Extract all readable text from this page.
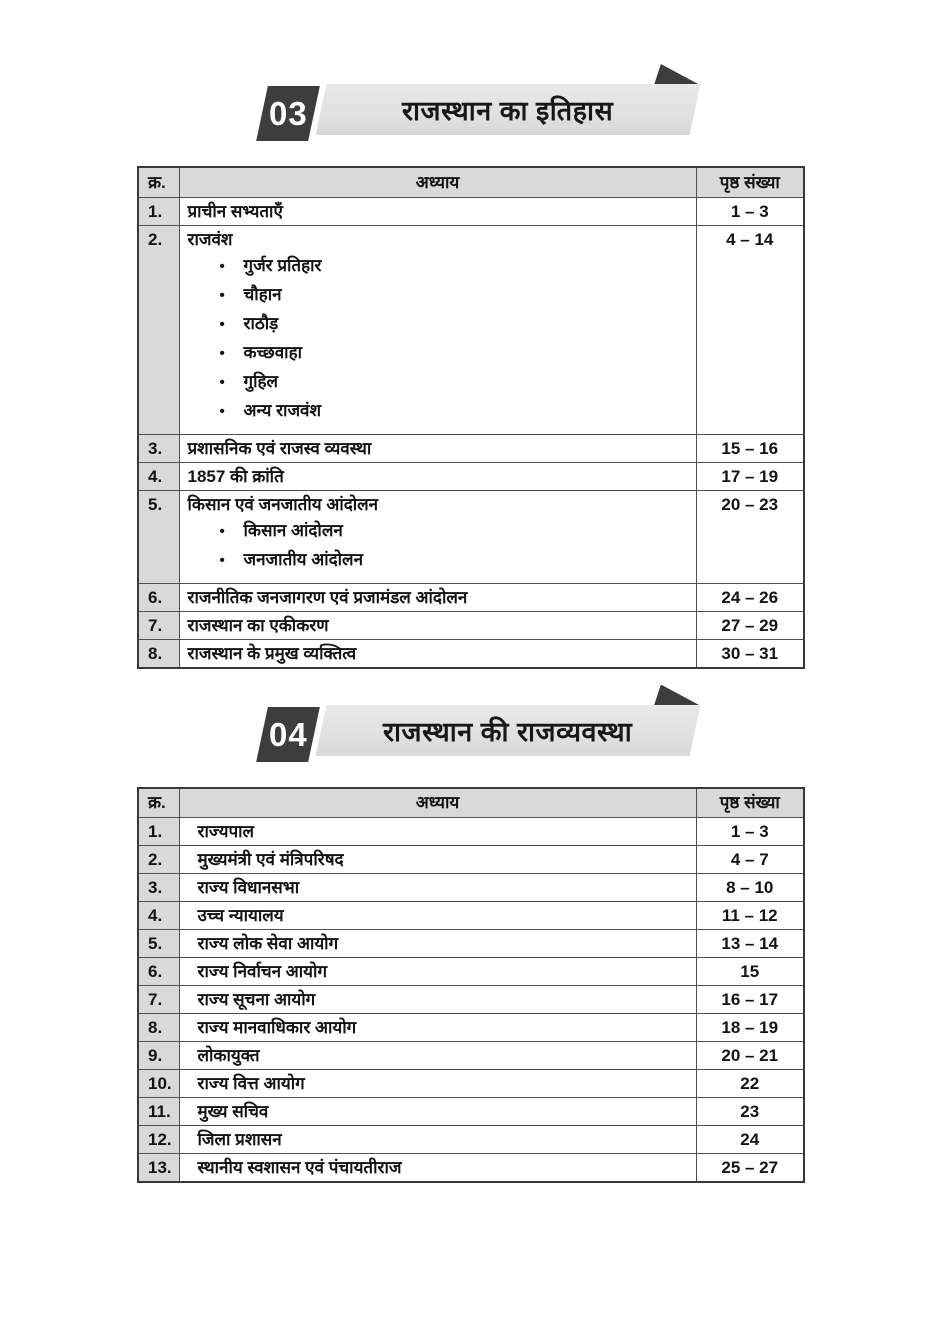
03	राजस्थान का इतिहास
क्र.	अध्याय	पृष्ठ संख्या
1.	प्राचीन सभ्यताएँ	1 – 3
2.	राजवंश
• गुर्जर प्रतिहार
• चौहान
• राठौड़
• कच्छवाहा
• गुहिल
• अन्य राजवंश
	4 – 14
3.	प्रशासनिक एवं राजस्व व्यवस्था	15 – 16
4.	1857 की क्रांति	17 – 19
5.	किसान एवं जनजातीय आंदोलन
• किसान आंदोलन
• जनजातीय आंदोलन
	20 – 23
6.	राजनीतिक जनजागरण एवं प्रजामंडल आंदोलन	24 – 26
7.	राजस्थान का एकीकरण	27 – 29
8.	राजस्थान के प्रमुख व्यक्तित्व	30 – 31
04	राजस्थान की राजव्यवस्था
क्र.	अध्याय	पृष्ठ संख्या
1.	राज्यपाल	1 – 3
2.	मुख्यमंत्री एवं मंत्रिपरिषद	4 – 7
3.	राज्य विधानसभा	8 – 10
4.	उच्च न्यायालय	11 – 12
5.	राज्य लोक सेवा आयोग	13 – 14
6.	राज्य निर्वाचन आयोग	15
7.	राज्य सूचना आयोग	16 – 17
8.	राज्य मानवाधिकार आयोग	18 – 19
9.	लोकायुक्त	20 – 21
10.	राज्य वित्त आयोग	22
11.	मुख्य सचिव	23
12.	जिला प्रशासन	24
13.	स्थानीय स्वशासन एवं पंचायतीराज	25 – 27
